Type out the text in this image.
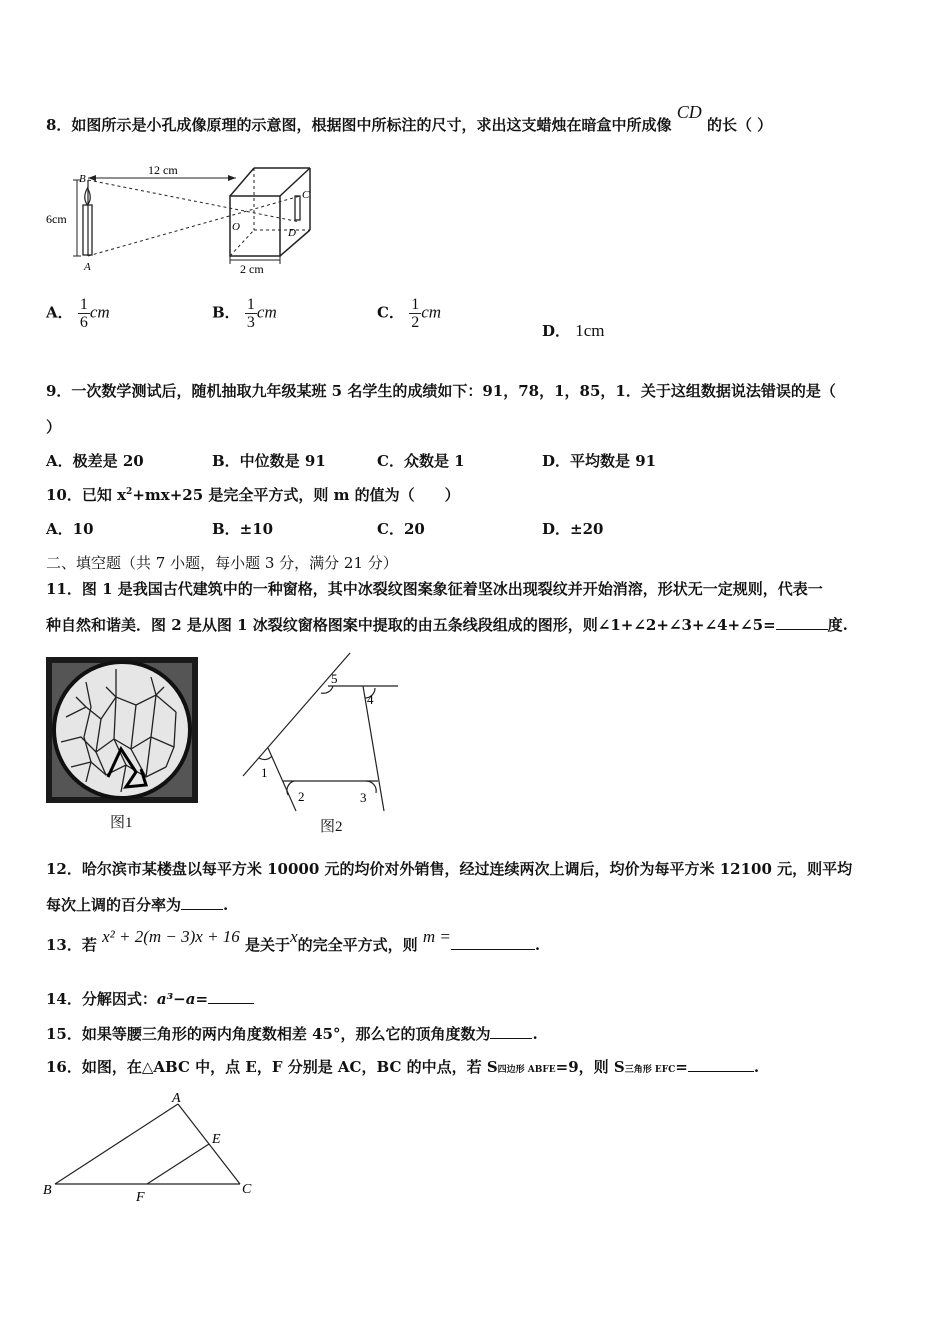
8．如图所示是小孔成像原理的示意图，根据图中所标注的尺寸，求出这支蜡烛在暗盒中所成像 CD 的长（ ）
6cm
B
A
12 cm
O
C
D
2 cm
A． $\frac{1}{6}$ cm	B． $\frac{1}{3}$ cm	C． $\frac{1}{2}$ cm
D． 1cm
9．一次数学测试后，随机抽取九年级某班 5 名学生的成绩如下：91，78，1，85，1．关于这组数据说法错误的是（
）
A．极差是 20	B．中位数是 91	C．众数是 1	D．平均数是 91
10．已知 $x^2+mx+25$ 是完全平方式，则 m 的值为（　　）
A．10	B．±10	C．20	D．±20
二、填空题（共 7 小题，每小题 3 分，满分 21 分）
11．图 1 是我国古代建筑中的一种窗格，其中冰裂纹图案象征着坚冰出现裂纹并开始消溶，形状无一定规则，代表一
种自然和谐美．图 2 是从图 1 冰裂纹窗格图案中提取的由五条线段组成的图形，则∠1+∠2+∠3+∠4+∠5=	度.
图1
1
2	3
4
5
图2
12．哈尔滨市某楼盘以每平方米 10000 元的均价对外销售，经过连续两次上调后，均价为每平方米 12100 元，则平均
每次上调的百分率为	.
13．若 x² + 2(m − 3)x + 16 是关于x的完全平方式，则 m =	.
14．分解因式：a³−a=
15．如果等腰三角形的两内角度数相差 45°，那么它的顶角度数为	.
16．如图，在△ABC 中，点 E，F 分别是 AC，BC 的中点，若 S四边形 ABFE=9，则 S三角形 EFC=	.
A
B	C
E
F
